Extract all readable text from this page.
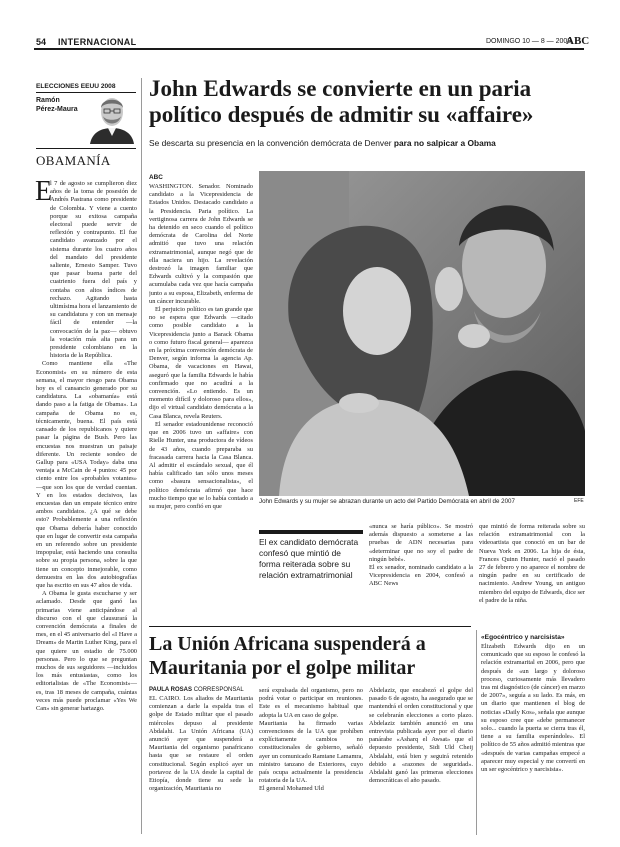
54 INTERNACIONAL	DOMINGO 10 — 8 — 2008
ABC
ELECCIONES EEUU 2008
Ramón
Pérez-Maura
OBAMANÍA
E

l 7 de agosto se cumplieron diez años de la toma de posesión de Andrés Pastrana como presidente de Colombia. Y viene a cuento porque su exitosa campaña electoral puede servir de reflexión y contrapunto. El fue candidato avanzado por el sistema durante los cuatro años del mandato del presidente saliente, Ernesto Samper. Tuvo que pasar buena parte del cuatrienio fuera del país y contaba con altos índices de rechazo. Agitando hasta ultimísima hora el lanzamiento de su candidatura y con un mensaje fácil de entender —la convocación de la paz— obtuvo la votación más alta para un presidente colombiano en la historia de la República.

Como mantiene ella «The Economist» en su número de esta semana, el mayor riesgo para Obama hoy es el cansancio generado por su candidatura. La «obamanía» está dando paso a la fatiga de Obama». La campaña de Obama no es, técnicamente, buena. El país está cansado de los republicanos y quiere pasar la página de Bush. Pero las encuestas nos muestran un paisaje diferente. Un reciente sondeo de Gallup para «USA Today» daba una ventaja a McCain de 4 puntos: 45 por ciento entre los «probables votantes» —que son los que de verdad cuentan. Y en los estados decisivos, las encuestas dan un empate técnico entre ambos candidatos. ¿A qué se debe esto? Probablemente a una reflexión que Obama debería haber conocido que en lugar de convertir esta campaña en un referendo sobre un presidente impopular, está haciendo una consulta sobre su propia persona, sobre la que tiene un concepto inmejorable, como demuestra en las dos autobiografías que ha escrito en sus 47 años de vida.

A Obama le gusta escucharse y ser aclamado. Desde que ganó las primarias viene anticipándose al discurso con el que clausurará la convención demócrata a finales de mes, en el 45 aniversario del «I Have a Dream» de Martin Luther King, para el que quiere un estadio de 75.000 personas. Pero lo que se preguntan muchos de sus seguidores —incluidos los más entusiastas, como los editorialistas de «The Economist»— es, tras 18 meses de campaña, cuántas veces más puede proclamar «Yes We Can» sin generar hartazgo.

John Edwards se convierte en un paria político después de admitir su «affaire»
Se descarta su presencia en la convención demócrata de Denver para no salpicar a Obama
ABC

WASHINGTON. Senador. Nominado candidato a la Vicepresidencia de Estados Unidos. Destacado candidato a la Presidencia. Paria político. La vertiginosa carrera de John Edwards se ha detenido en seco cuando el político demócrata de Carolina del Norte admitió que tuvo una relación extramatrimonial, aunque negó que de ella naciera un hijo. La revelación destrozó la imagen familiar que Edwards cultivó y la compasión que acumulaba cada vez que hacía campaña junto a su esposa, Elizabeth, enferma de un cáncer incurable.

El perjuicio político es tan grande que no se espera que Edwards —citado como posible candidato a la Vicepresidencia junto a Barack Obama o como futuro fiscal general— aparezca en la próxima convención demócrata de Denver, según informa la agencia Ap. Obama, de vacaciones en Hawai, aseguró que la familia Edwards le había confirmado que no acudirá a la convención. «Lo entiendo. Es un momento difícil y doloroso para ellos», dijo el virtual candidato demócrata a la Casa Blanca, revela Reuters.

El senador estadounidense reconoció que en 2006 tuvo un «affaire» con Rielle Hunter, una productora de vídeos de 43 años, cuando preparaba su fracasada carrera hacia la Casa Blanca. Al admitir el escándalo sexual, que él había calificado tan sólo unos meses como «basura sensacionalista», el político demócrata afirmó que hace mucho tiempo que se lo había contado a su mujer, pero confió en que

John Edwards y su mujer se abrazan durante un acto del Partido Demócrata en abril de 2007	EFE
El ex candidato demócrata confesó que mintió de forma reiterada sobre su relación extramatrimonial
«nunca se haría público». Se mostró además dispuesto a someterse a las pruebas de ADN necesarias para «determinar que no soy el padre de ningún bebé».
El ex senador, nominado candidato a la Vicepresidencia en 2004, confesó a ABC News
que mintió de forma reiterada sobre su relación extramatrimonial con la videoartista que conoció en un bar de Nueva York en 2006. La hija de ésta, Frances Quinn Hunter, nació el pasado 27 de febrero y no aparece el nombre de ningún padre en su certificado de nacimiento. Andrew Young, un antiguo miembro del equipo de Edwards, dice ser el padre de la niña.
La Unión Africana suspenderá a Mauritania por el golpe militar
PAULA ROSAS CORRESPONSAL
EL CAIRO. Los aliados de Mauritania comienzan a darle la espalda tras el golpe de Estado militar que el pasado miércoles depuso al presidente Abdalahi. La Unión Africana (UA) anunció ayer que suspenderá a Mauritania del organismo panafricano hasta que se restaure el orden constitucional. Según explicó ayer un portavoz de la UA desde la capital de Etiopía, donde tiene su sede la organización, Mauritania no
será expulsada del organismo, pero no podrá votar o participar en reuniones. Este es el mecanismo habitual que adopta la UA en caso de golpe.
Mauritania ha firmado varias convenciones de la UA que prohíben explícitamente cambios no constitucionales de gobierno, señaló ayer un comunicado Ramtane Lamamra, ministro tanzano de Exteriores, cuyo país ocupa actualmente la presidencia rotatoria de la UA.
El general Mohamed Uld
Abdelaziz, que encabezó el golpe del pasado 6 de agosto, ha asegurado que se mantendrá el orden constitucional y que se celebrarán elecciones a corto plazo. Abdelaziz también anunció en una entrevista publicada ayer por el diario panárabe «Asharq el Awsat» que el depuesto presidente, Sidi Uld Cheij Abdalahi, está bien y seguirá retenido debido a «razones de seguridad». Abdalahi ganó las primeras elecciones democráticas el año pasado.
«Egocéntrico y narcisista»
Elizabeth Edwards dijo en un comunicado que su esposo le confesó la relación extramarital en 2006, pero que después de «un largo y doloroso proceso, curiosamente más llevadero tras mi diagnóstico (de cáncer) en marzo de 2007», seguía a su lado. Es más, en un diario que mantienen el blog de noticias «Daily Kos», señala que aunque su esposo cree que «debe permanecer solo... cuando la puerta se cierra tras él, tiene a su familia esperándole». El político de 55 años admitió mientras que «después de varias campañas empecé a aparecer muy especial y me convertí en un ser egocéntrico y narcisista».
